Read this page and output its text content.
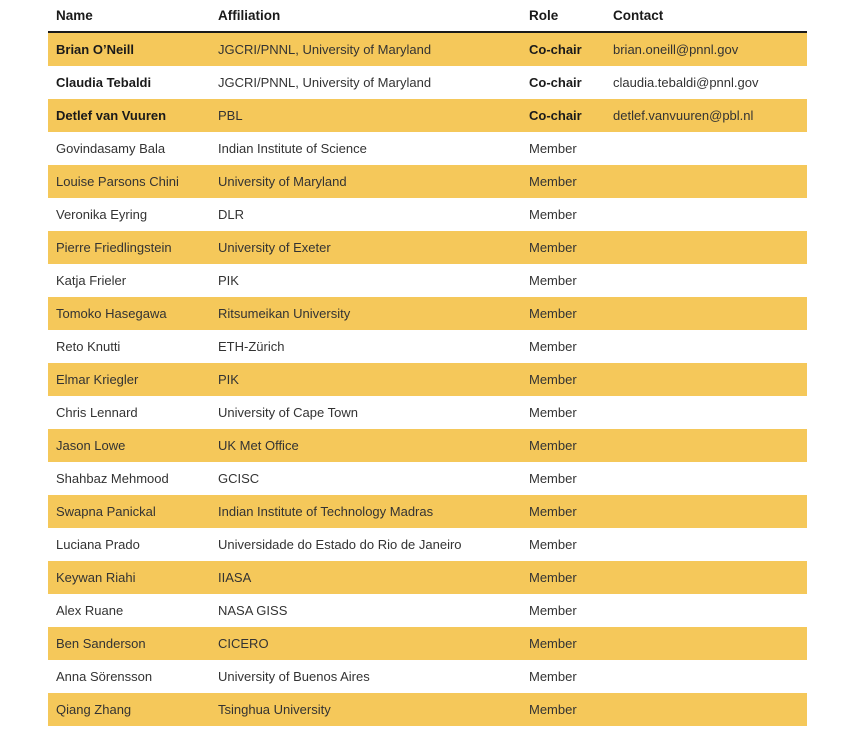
Name	Affiliation	Role	Contact
Brian O’Neill	JGCRI/PNNL, University of Maryland	Co-chair	brian.oneill@pnnl.gov
Claudia Tebaldi	JGCRI/PNNL, University of Maryland	Co-chair	claudia.tebaldi@pnnl.gov
Detlef van Vuuren	PBL	Co-chair	detlef.vanvuuren@pbl.nl
Govindasamy Bala	Indian Institute of Science	Member	
Louise Parsons Chini	University of Maryland	Member	
Veronika Eyring	DLR	Member	
Pierre Friedlingstein	University of Exeter	Member	
Katja Frieler	PIK	Member	
Tomoko Hasegawa	Ritsumeikan University	Member	
Reto Knutti	ETH-Zürich	Member	
Elmar Kriegler	PIK	Member	
Chris Lennard	University of Cape Town	Member	
Jason Lowe	UK Met Office	Member	
Shahbaz Mehmood	GCISC	Member	
Swapna Panickal	Indian Institute of Technology Madras	Member	
Luciana Prado	Universidade do Estado do Rio de Janeiro	Member	
Keywan Riahi	IIASA	Member	
Alex Ruane	NASA GISS	Member	
Ben Sanderson	CICERO	Member	
Anna Sörensson	University of Buenos Aires	Member	
Qiang Zhang	Tsinghua University	Member	
